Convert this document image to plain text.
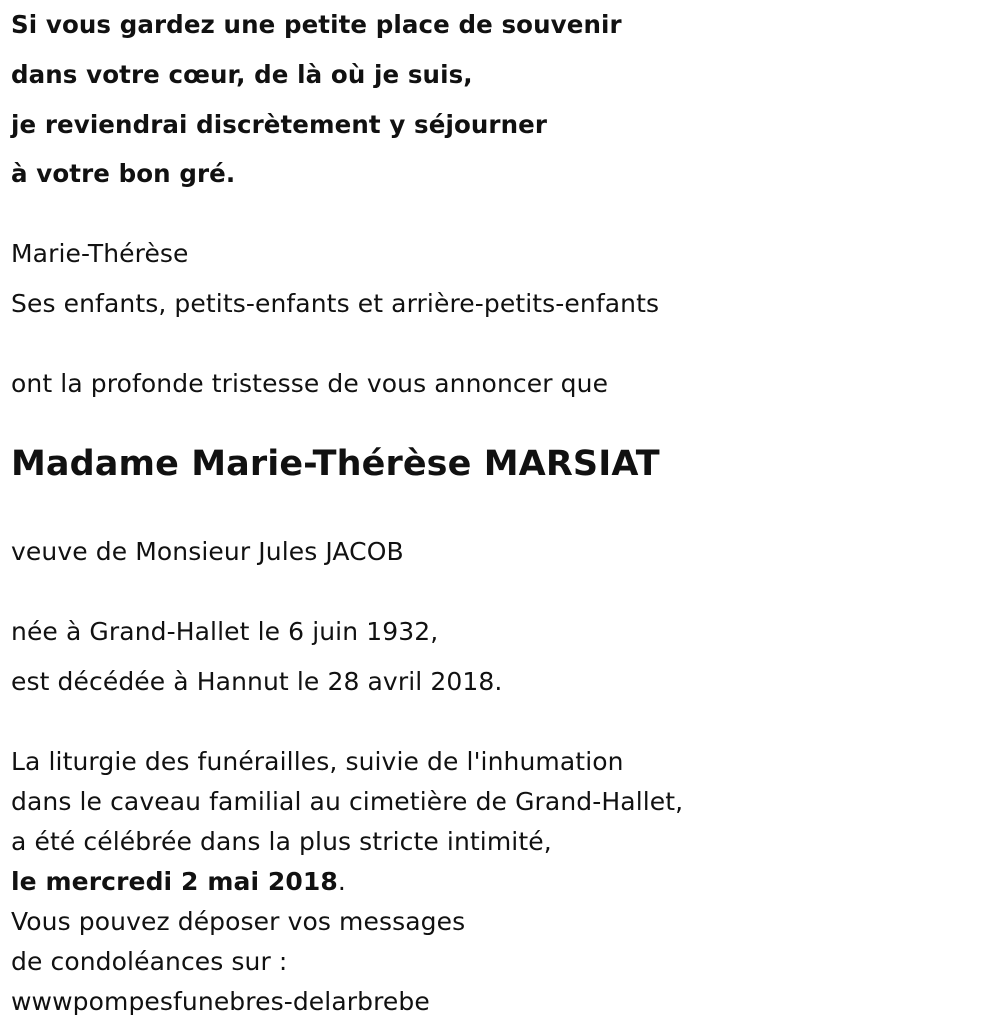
Si vous gardez une petite place de souvenir
dans votre cœur, de là où je suis,
je reviendrai discrètement y séjourner
à votre bon gré.
Marie-Thérèse
Ses enfants, petits-enfants et arrière-petits-enfants
ont la profonde tristesse de vous annoncer que
Madame Marie-Thérèse MARSIAT
veuve de Monsieur Jules JACOB
née à Grand-Hallet le 6 juin 1932,
est décédée à Hannut le 28 avril 2018.
La liturgie des funérailles, suivie de l'inhumation
dans le caveau familial au cimetière de Grand-Hallet,
a été célébrée dans la plus stricte intimité,
le mercredi 2 mai 2018.
Vous pouvez déposer vos messages
de condoléances sur :
wwwpompesfunebres-delarbrebe
